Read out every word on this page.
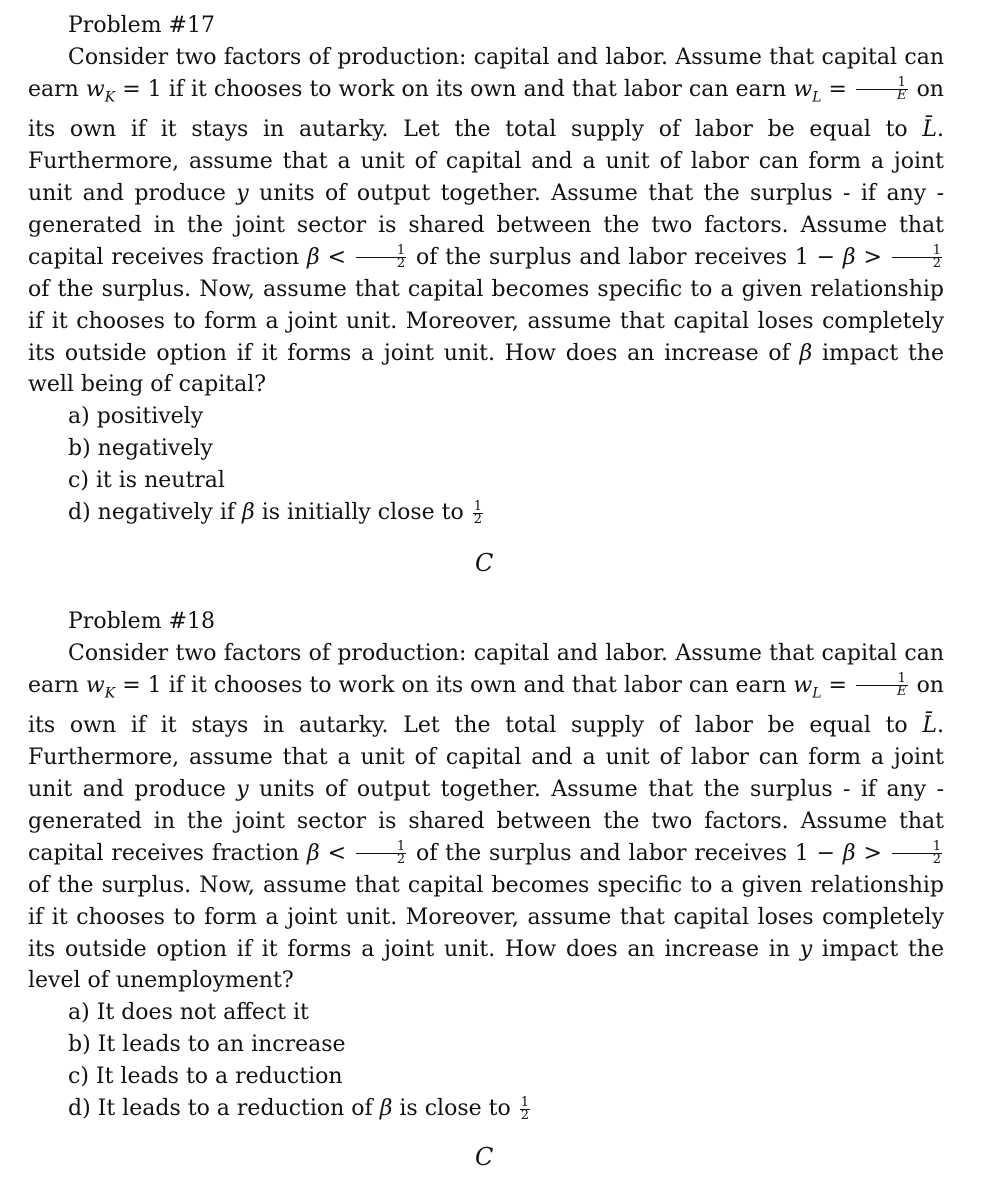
Problem #17

Consider two factors of production: capital and labor. Assume that capital can earn $w_K = 1$ if it chooses to work on its own and that labor can earn $w_L = \frac{1}{E}$ on its own if it stays in autarky. Let the total supply of labor be equal to L̄. Furthermore, assume that a unit of capital and a unit of labor can form a joint unit and produce y units of output together. Assume that the surplus - if any - generated in the joint sector is shared between the two factors. Assume that capital receives fraction $\beta < \frac{1}{2}$ of the surplus and labor receives $1 - \beta > \frac{1}{2}$
of the surplus. Now, assume that capital becomes specific to a given relationship if it chooses to form a joint unit. Moreover, assume that capital loses completely its outside option if it forms a joint unit. How does an increase of β impact the well being of capital?

a) positively
b) negatively
c) it is neutral
d) negatively if β is initially close to $\frac{1}{2}$

C

Problem #18

Consider two factors of production: capital and labor. Assume that capital can earn $w_K = 1$ if it chooses to work on its own and that labor can earn $w_L = \frac{1}{E}$ on its own if it stays in autarky. Let the total supply of labor be equal to L̄. Furthermore, assume that a unit of capital and a unit of labor can form a joint unit and produce y units of output together. Assume that the surplus - if any - generated in the joint sector is shared between the two factors. Assume that capital receives fraction $\beta < \frac{1}{2}$ of the surplus and labor receives $1 - \beta > \frac{1}{2}$
of the surplus. Now, assume that capital becomes specific to a given relationship if it chooses to form a joint unit. Moreover, assume that capital loses completely its outside option if it forms a joint unit. How does an increase in y impact the level of unemployment?

a) It does not affect it
b) It leads to an increase
c) It leads to a reduction
d) It leads to a reduction of β is close to $\frac{1}{2}$

C
